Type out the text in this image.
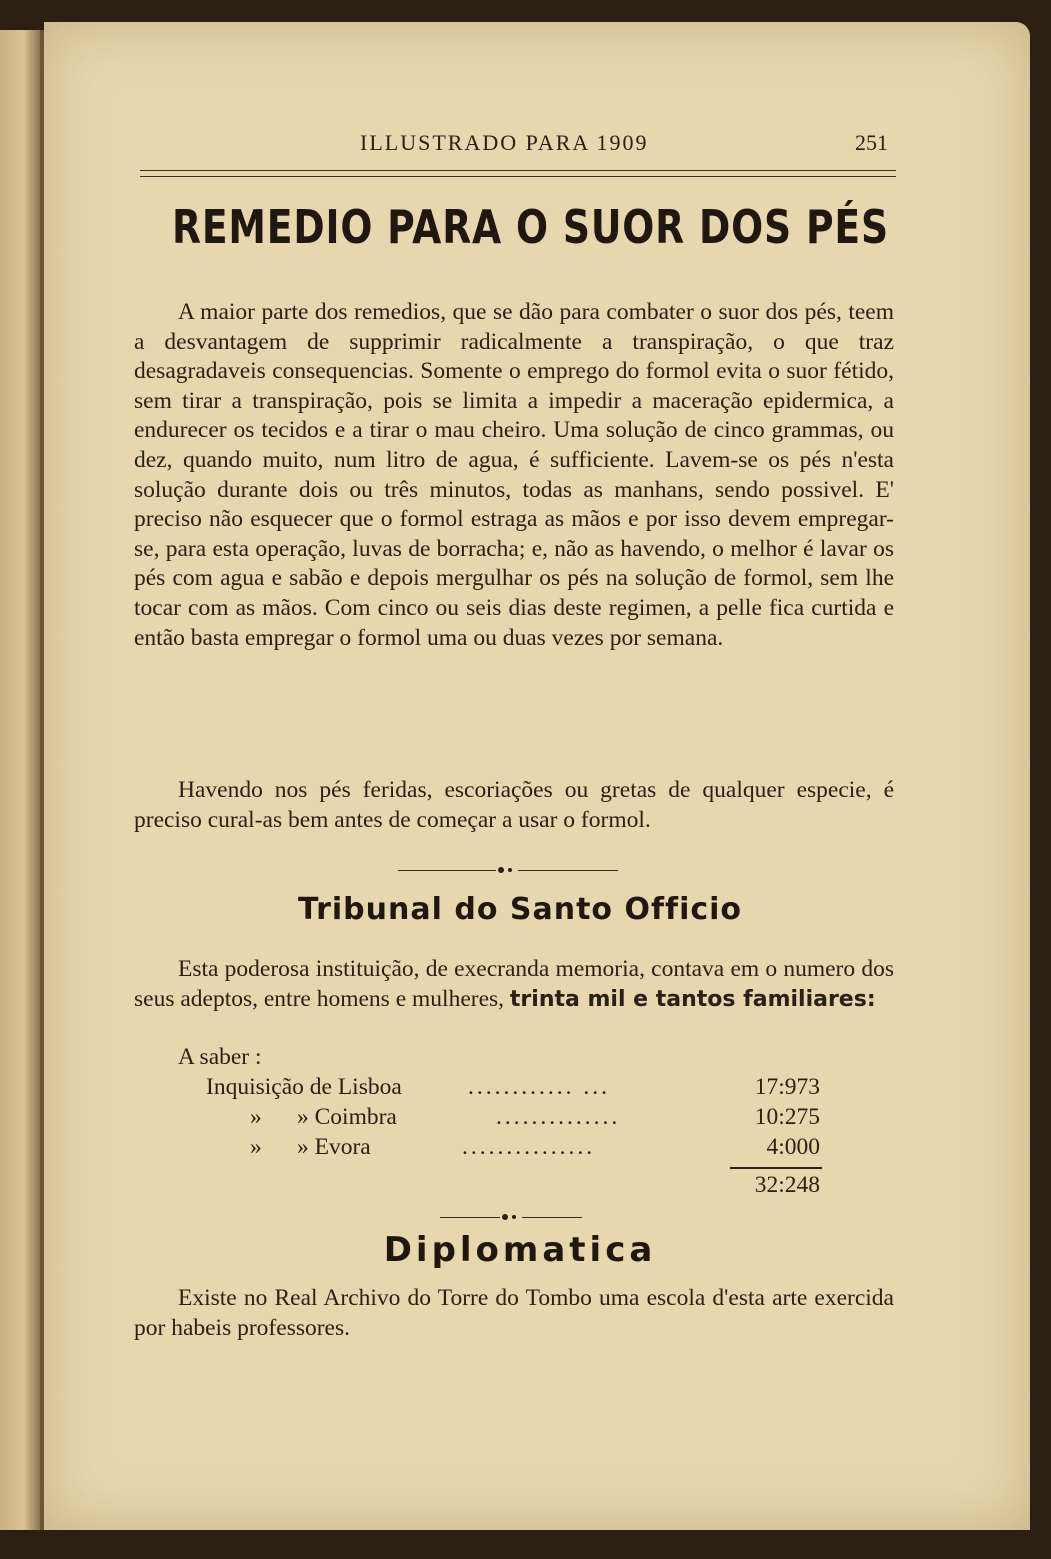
ILLUSTRADO PARA 1909	251
REMEDIO PARA O SUOR DOS PÉS
A maior parte dos remedios, que se dão para combater o suor dos pés, teem a desvantagem de supprimir radicalmente a transpiração, o que traz desagradaveis consequencias. Somente o emprego do formol evita o suor fétido, sem tirar a transpiração, pois se limita a impedir a maceração epidermica, a endurecer os tecidos e a tirar o mau cheiro. Uma solução de cinco grammas, ou dez, quando muito, num litro de agua, é sufficiente. Lavem-se os pés n'esta solução durante dois ou três minutos, todas as manhans, sendo possivel. E' preciso não esquecer que o formol estraga as mãos e por isso devem empregar-se, para esta operação, luvas de borracha; e, não as havendo, o melhor é lavar os pés com agua e sabão e depois mergulhar os pés na solução de formol, sem lhe tocar com as mãos. Com cinco ou seis dias deste regimen, a pelle fica curtida e então basta empregar o formol uma ou duas vezes por semana.
Havendo nos pés feridas, escoriações ou gretas de qualquer especie, é preciso cural-as bem antes de começar a usar o formol.
Tribunal do Santo Officio
Esta poderosa instituição, de execranda memoria, contava em o numero dos seus adeptos, entre homens e mulheres, trinta mil e tantos familiares:
A saber :
Inquisição de Lisboa	............ ...	17:973
»      » Coimbra	..............	10:275
»      » Evora	...............	4:000
32:248
Diplomatica
Existe no Real Archivo do Torre do Tombo uma escola d'esta arte exercida por habeis professores.
